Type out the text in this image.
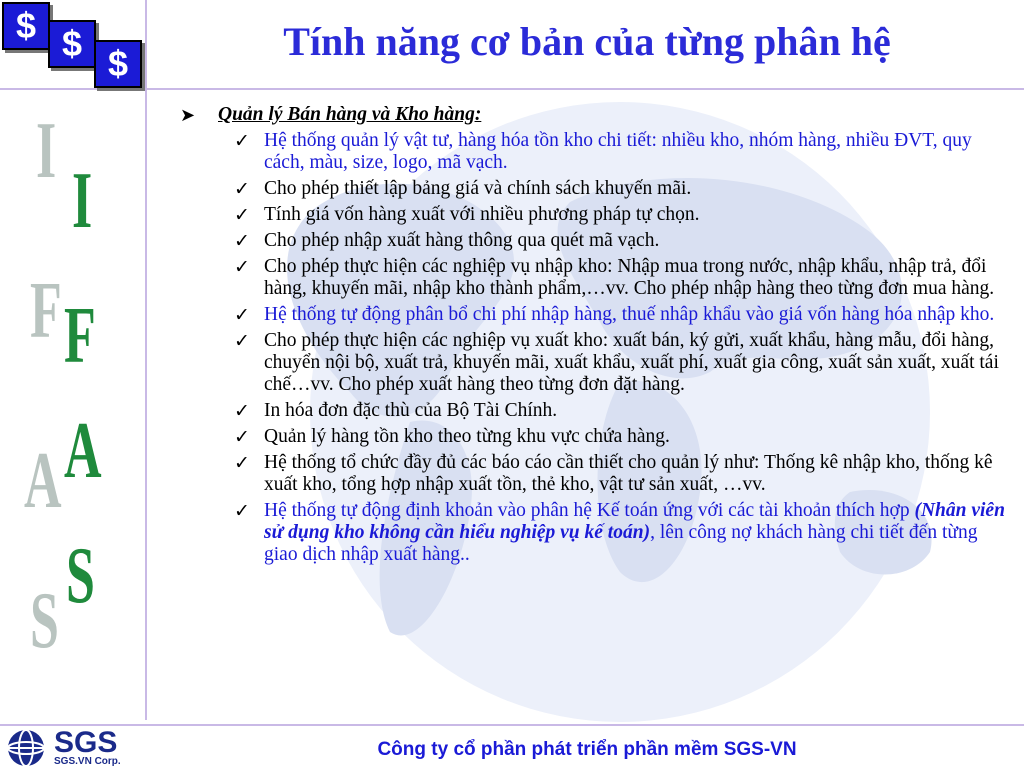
$ $ $	Tính năng cơ bản của từng phân hệ
I
I
F F
A A
S
S
➤	Quản lý Bán hàng và Kho hàng:
✓ Hệ thống quản lý vật tư, hàng hóa tồn kho chi tiết: nhiều kho, nhóm hàng, nhiều ĐVT, quy cách, màu, size, logo, mã vạch.
✓ Cho phép thiết lập bảng giá và chính sách khuyến mãi.
✓ Tính giá vốn hàng xuất với nhiều phương pháp tự chọn.
✓ Cho phép nhập xuất hàng thông qua quét mã vạch.
✓ Cho phép thực hiện các nghiệp vụ nhập kho: Nhập mua trong nước, nhập khẩu, nhập trả, đổi hàng, khuyến mãi, nhập kho thành phẩm,…vv. Cho phép nhập hàng theo từng đơn mua hàng.
✓ Hệ thống tự động phân bổ chi phí nhập hàng, thuế nhâp khẩu vào giá vốn hàng hóa nhập kho.
✓ Cho phép thực hiện các nghiệp vụ xuất kho: xuất bán, ký gửi, xuất khẩu, hàng mẫu, đổi hàng, chuyển nội bộ, xuất trả, khuyến mãi, xuất khẩu, xuất phí, xuất gia công, xuất sản xuất, xuất tái chế…vv. Cho phép xuất hàng theo từng đơn đặt hàng.
✓ In hóa đơn đặc thù của Bộ Tài Chính.
✓ Quản lý hàng tồn kho theo từng khu vực chứa hàng.
✓ Hệ thống tổ chức đầy đủ các báo cáo cần thiết cho quản lý như: Thống kê nhập kho, thống kê xuất kho, tổng hợp nhập xuất tồn, thẻ kho, vật tư sản xuất, …vv.
✓ Hệ thống tự động định khoản vào phân hệ Kế toán ứng với các tài khoản thích hợp (Nhân viên sử dụng kho không cần hiểu nghiệp vụ kế toán), lên công nợ khách hàng chi tiết đến từng giao dịch nhập xuất hàng..
SGS
SGS.VN Corp.
Công ty cổ phần phát triển phần mềm SGS-VN
